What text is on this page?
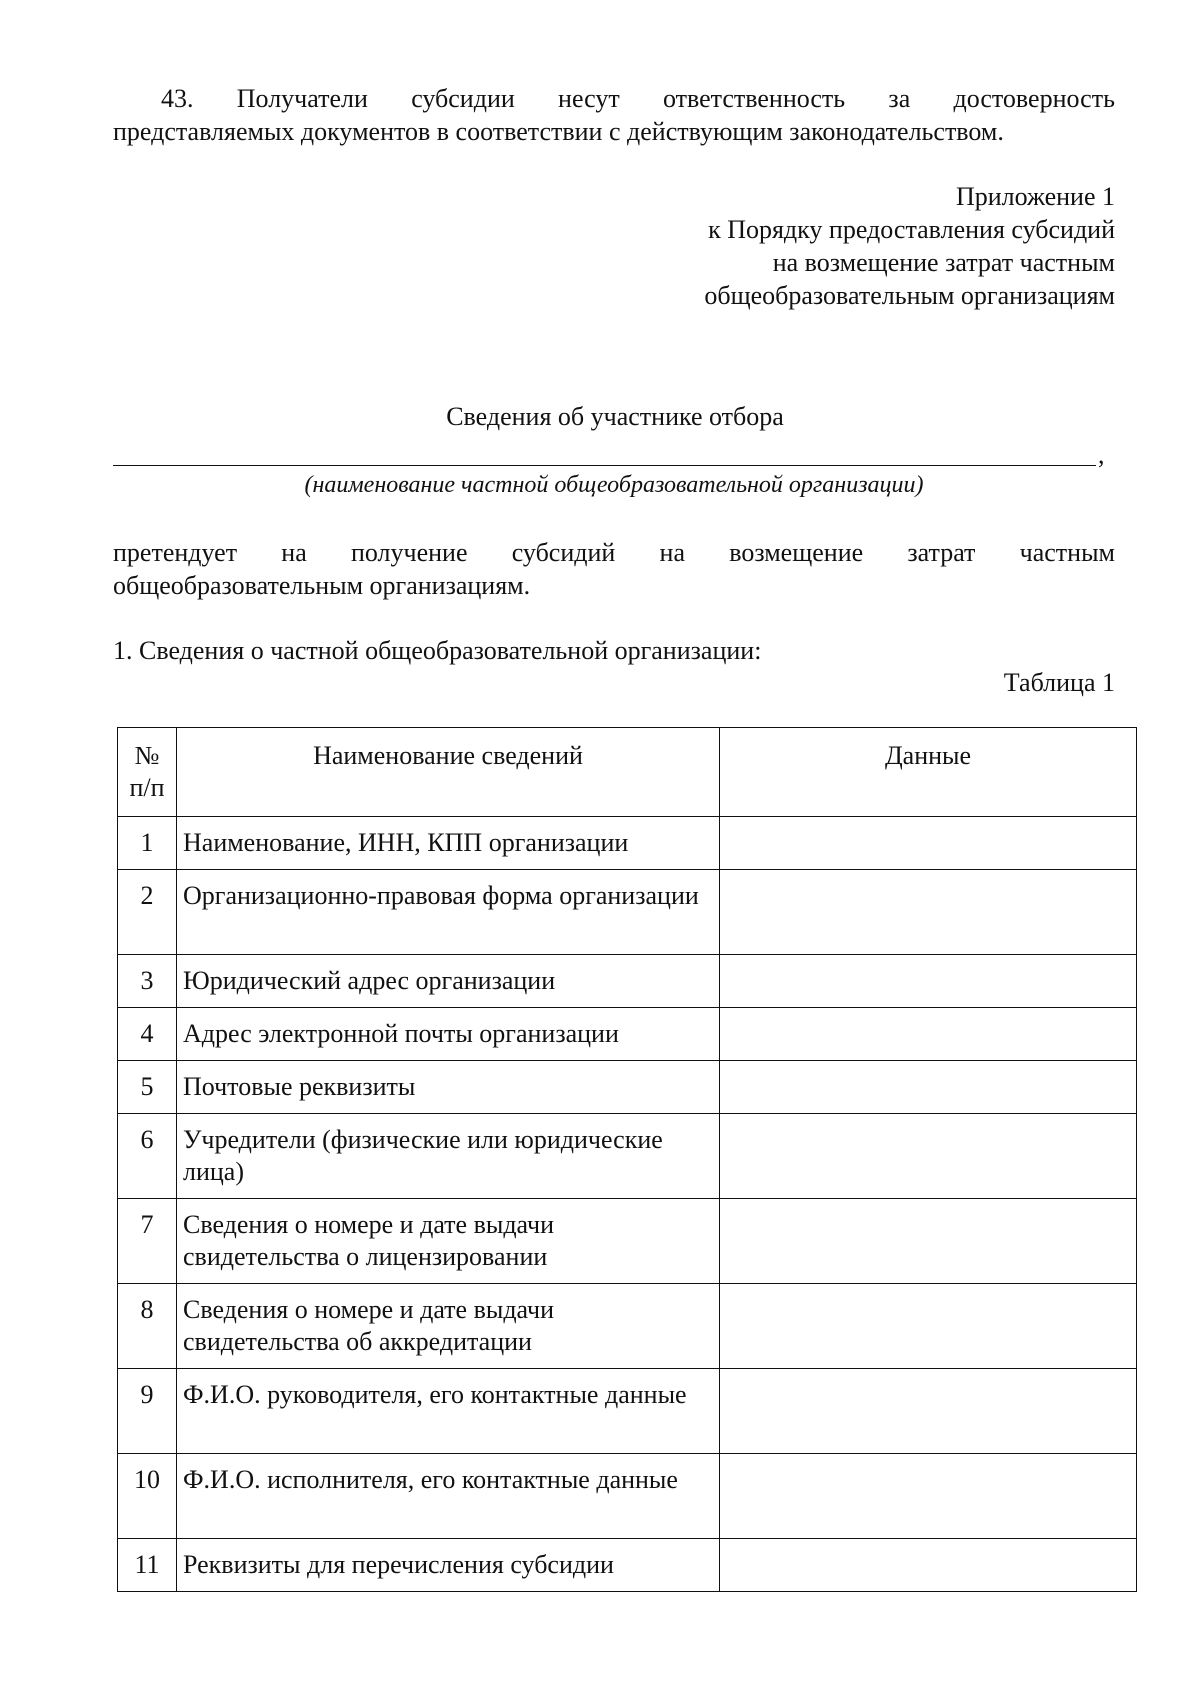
43. Получатели субсидии несут ответственность за достоверность
представляемых документов в соответствии с действующим законодательством.
Приложение 1
к Порядку предоставления субсидий
на возмещение затрат частным
общеобразовательным организациям
Сведения об участнике отбора
,
(наименование частной общеобразовательной организации)
претендует на получение субсидий на возмещение затрат частным
общеобразовательным организациям.
1. Сведения о частной общеобразовательной организации:
Таблица 1
№
п/п	Наименование сведений	Данные
1	Наименование, ИНН, КПП организации	
2	Организационно-правовая форма организации	
3	Юридический адрес организации	
4	Адрес электронной почты организации	
5	Почтовые реквизиты	
6	Учредители (физические или юридические лица)	
7	Сведения о номере и дате выдачи свидетельства о лицензировании	
8	Сведения о номере и дате выдачи свидетельства об аккредитации	
9	Ф.И.О. руководителя, его контактные данные	
10	Ф.И.О. исполнителя, его контактные данные	
11	Реквизиты для перечисления субсидии	
